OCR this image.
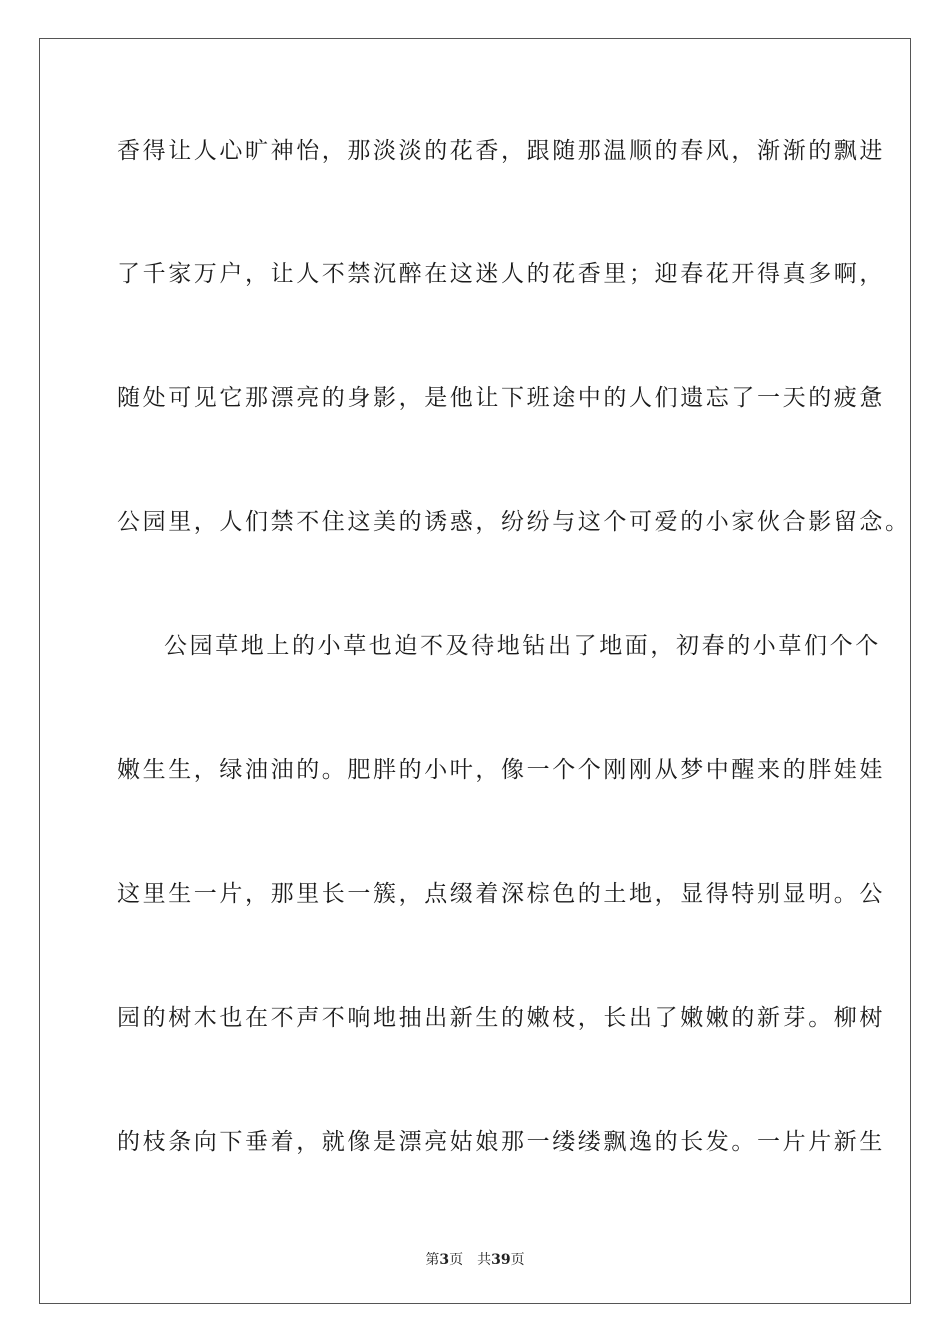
香得让人心旷神怡，那淡淡的花香，跟随那温顺的春风，渐渐的飘进
了千家万户，让人不禁沉醉在这迷人的花香里；迎春花开得真多啊，
随处可见它那漂亮的身影，是他让下班途中的人们遗忘了一天的疲惫
公园里，人们禁不住这美的诱惑，纷纷与这个可爱的小家伙合影留念。
公园草地上的小草也迫不及待地钻出了地面，初春的小草们个个
嫩生生，绿油油的。肥胖的小叶，像一个个刚刚从梦中醒来的胖娃娃
这里生一片，那里长一簇，点缀着深棕色的土地，显得特别显明。公
园的树木也在不声不响地抽出新生的嫩枝，长出了嫩嫩的新芽。柳树
的枝条向下垂着，就像是漂亮姑娘那一缕缕飘逸的长发。一片片新生
第3页 共39页
